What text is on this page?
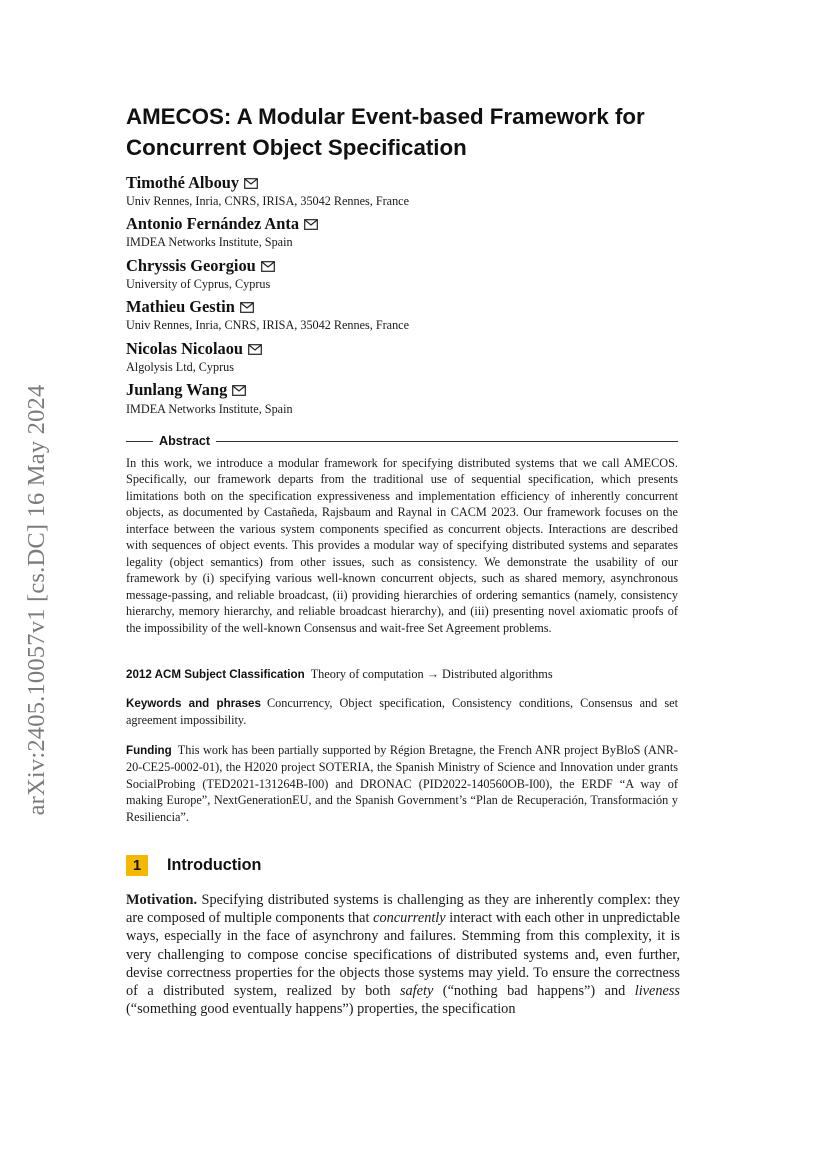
arXiv:2405.10057v1 [cs.DC] 16 May 2024
AMECOS: A Modular Event-based Framework for Concurrent Object Specification
Timothé Albouy
Univ Rennes, Inria, CNRS, IRISA, 35042 Rennes, France
Antonio Fernández Anta
IMDEA Networks Institute, Spain
Chryssis Georgiou
University of Cyprus, Cyprus
Mathieu Gestin
Univ Rennes, Inria, CNRS, IRISA, 35042 Rennes, France
Nicolas Nicolaou
Algolysis Ltd, Cyprus
Junlang Wang
IMDEA Networks Institute, Spain
Abstract
In this work, we introduce a modular framework for specifying distributed systems that we call AMECOS. Specifically, our framework departs from the traditional use of sequential specification, which presents limitations both on the specification expressiveness and implementation efficiency of inherently concurrent objects, as documented by Castañeda, Rajsbaum and Raynal in CACM 2023. Our framework focuses on the interface between the various system components specified as concurrent objects. Interactions are described with sequences of object events. This provides a modular way of specifying distributed systems and separates legality (object semantics) from other issues, such as consistency. We demonstrate the usability of our framework by (i) specifying various well-known concurrent objects, such as shared memory, asynchronous message-passing, and reliable broadcast, (ii) providing hierarchies of ordering semantics (namely, consistency hierarchy, memory hierarchy, and reliable broadcast hierarchy), and (iii) presenting novel axiomatic proofs of the impossibility of the well-known Consensus and wait-free Set Agreement problems.
2012 ACM Subject Classification Theory of computation → Distributed algorithms
Keywords and phrases Concurrency, Object specification, Consistency conditions, Consensus and set agreement impossibility.
Funding This work has been partially supported by Région Bretagne, the French ANR project ByBloS (ANR-20-CE25-0002-01), the H2020 project SOTERIA, the Spanish Ministry of Science and Innovation under grants SocialProbing (TED2021-131264B-I00) and DRONAC (PID2022-140560OB-I00), the ERDF “A way of making Europe”, NextGenerationEU, and the Spanish Government’s “Plan de Recuperación, Transformación y Resiliencia”.
1	Introduction
Motivation. Specifying distributed systems is challenging as they are inherently complex: they are composed of multiple components that concurrently interact with each other in unpredictable ways, especially in the face of asynchrony and failures. Stemming from this complexity, it is very challenging to compose concise specifications of distributed systems and, even further, devise correctness properties for the objects those systems may yield. To ensure the correctness of a distributed system, realized by both safety (“nothing bad happens”) and liveness (“something good eventually happens”) properties, the specification
